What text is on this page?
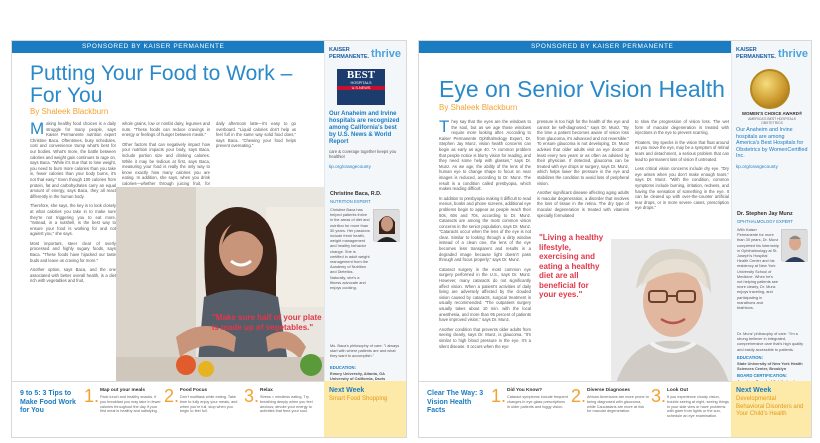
SPONSORED BY KAISER PERMANENTE
Putting Your Food to Work – For You
By Shaleek Blackburn

Making healthy food choices is a daily struggle for many people, says Kaiser Permanente nutrition expert Christine Baca. Oftentimes, busy schedules, cost and convenience trump what's best for our bodies. What's more, the battle between calories and weight gain continues to rage on, says Baca. "While it's true that to lose weight, you need to burn more calories than you take in, fewer calories than your body burns, it's not that easy." Even though 100 calories from protein, fat and carbohydrates carry an equal amount of energy, says Baca, they all react differently in the human body.

Therefore, she says, the key is to look closely at what calories you take in to make sure they're not triggering you to eat more. "Instead, in a nutshell, is the best way to ensure your food is working for and not against you," she says.

Most important, steer clear of overly processed and highly sugary foods, says Baca. "These foods have hijacked our taste buds and leave us craving for more."

Another option, says Baca, and the one associated with better overall health, is a diet rich with vegetables and fruit,

whole grains, low or nonfat dairy, legumes and nuts. "These foods can reduce cravings in energy or feelings of hunger between meals."

Other factors that can negatively impact how your nutrition impacts your body, says Baca, include portion size and drinking calories. While it may be tedious at first, says Baca, measuring your food is really the only way to know exactly how many calories you are eating. In addition, she says, when you drink calories—whether through juicing fruit, for

daily afternoon latte—it's easy to go overboard. "Liquid calories don't help us feel full in the same way solid food does," says Baca. "Chewing your food helps prevent overeating."

"Make sure half of your plate is made up of vegetables."
9 to 5: 3 Tips to Make Food Work for You
1. Map out your meals
Pack lunch and healthy snacks. If you breakfast you may take in fewer calories throughout the day if your first meal is healthy and satisfying.
2. Food Focus
Don't multitask while eating. Take time to fully enjoy your meals, and when you're full, stop when you begin to feel full.
3. Relax
Stress = mindless eating. Try breathing deeply when you feel anxious; devote your energy to activities that feed your soul.
KAISER
PERMANENTE. thrive
BEST
HOSPITALS
U.S.NEWS
Our Anaheim and Irvine hospitals are recognized among California's best by U.S. News & World Report
care & coverage together keeps you healthier
kp.org/orangecounty
Christine Baca, R.D.
NUTRITION EXPERT
Christine Baca has helped patients thrive in the areas of diet and nutrition for more than 30 years. Her passions include fresh health, weight management and healthy behavior change. She is certified in adult weight management from the Academy of Nutrition and Dietetics. Naturally, she's a fitness advocate and enjoys cooking.
Ms. Baca's philosophy of care: "I always start with where patients are and what they want to accomplish."
EDUCATION:
Emory University, Atlanta, GA University of California, Davis
Next Week
Smart Food Shopping
SPONSORED BY KAISER PERMANENTE
Eye on Senior Vision Health
By Shaleek Blackburn

They say that the eyes are the windows to the soul, but as we age those windows require more looking after. According to Kaiser Permanente Ophthalmology Expert, Dr. Stephen Jay Munz, vision health concerns can begin as early as age 40. "A common problem that people notice is blurry vision for reading, and they need some help with glasses," says Dr. Munz. As we age, the ability of the lens of the human eye to change shape to focus on near images is reduced, according to Dr. Munz. The result is a condition called presbyopia, which makes reading difficult.

In addition to presbyopia making it difficult to read menus, books and phone screens, additional eye problems begin to appear as people reach their 50s, 60s and 70s, according to Dr. Munz. Cataracts are among the most common vision concerns in the senior population, says Dr. Munz. "Cataracts occur when the lens of the eye is not clear. Similar to looking through a dirty window instead of a clean one, the lens of the eye becomes less transparent and results in a degraded image because light doesn't pass through and focus properly," says Dr. Munz.

Cataract surgery is the most common eye surgery performed in the U.S., says Dr. Munz. However, many cataracts do not significantly affect vision. When a patient's activities of daily living are adversely affected by the clouded vision caused by cataracts, surgical treatment is usually recommended. "The outpatient surgery usually takes about 10 min. with the local anesthesia, and more than 95 percent of patients have improved vision," says Dr. Munz.

Another condition that prevents older adults from seeing clearly, says Dr. Munz, is glaucoma. "It's similar to high blood pressure in the eye. It's a silent disease. It occurs when the eye

pressure is too high for the health of the eye and cannot be self-diagnosed," says Dr. Munz. "By the time a patient becomes aware of vision loss from glaucoma, it's advanced and not reversible." To ensure glaucoma is not developing, Dr. Munz advises that older adults visit an eye doctor at least every two years or as often as advised by their physician. If detected, glaucoma can be treated with eye drops or surgery, says Dr. Munz, which helps lower the pressure in the eye and stabilizes the condition to avoid loss of peripheral vision.

Another significant disease affecting aging adults is macular degeneration, a disorder that involves the loss of tissue in the retina. The dry type of macular degeneration is treated with vitamins specially formulated

to slow the progression of vision loss. The wet form of macular degeneration is treated with injections in the eye to prevent scarring.

Floaters, tiny specks in the vision that float around as you move the eye, may be a symptom of retinal tears and detachment, a serious problem that can lead to permanent loss of vision if untreated.

Less critical vision concerns include dry eye. "Dry eye arises when you don't make enough tears," says Dr. Munz. "With the condition, common symptoms include burning, irritation, redness, and having the sensation of something in the eye. It can be cleared up with over-the-counter artificial tear drops, or in more severe cases, prescription eye drops."

"Living a healthy lifestyle, exercising and eating a healthy diet are all beneficial for your eyes."
Clear The Way: 3 Vision Health Facts
1. Did You Know?
Cataract symptoms include frequent changes in eye glass prescriptions in older patients and foggy vision.
2. Diverse Diagnoses
African Americans are more prone to being diagnosed with glaucoma, while Caucasians are more at risk for macular degeneration.
3. Look Out
If you experience cloudy vision, trouble seeing at night, seeing things in your side view or have problems with glare from lights or the sun, schedule an eye examination.
KAISER
PERMANENTE. thrive
WOMEN'S CHOICE AWARD®
AMERICA'S BEST HOSPITALS OBSTETRICS
Our Anaheim and Irvine hospitals are among America's Best Hospitals for Obstetrics by WomenCertified Inc.
kp.org/orangecounty
Dr. Stephen Jay Munz
OPHTHALMOLOGY EXPERT
With Kaiser Permanente for more than 30 years, Dr. Munz completed his internship in Ophthalmology at St. Joseph's Hospital Health Center and his residency at New York University School of Medicine. When he's not helping patients see more clearly, Dr. Munz enjoys traveling, and participating in marathons and triathlons.
Dr. Munz' philosophy of care: "I'm a strong believer in integrated, comprehensive care that's high quality and easily accessible to patients.
EDUCATION:
State University of New York Health Sciences Center, Brooklyn
BOARD CERTIFICATION:
Next Week
Developmental Behavioral Disorders and Your Child's Health
